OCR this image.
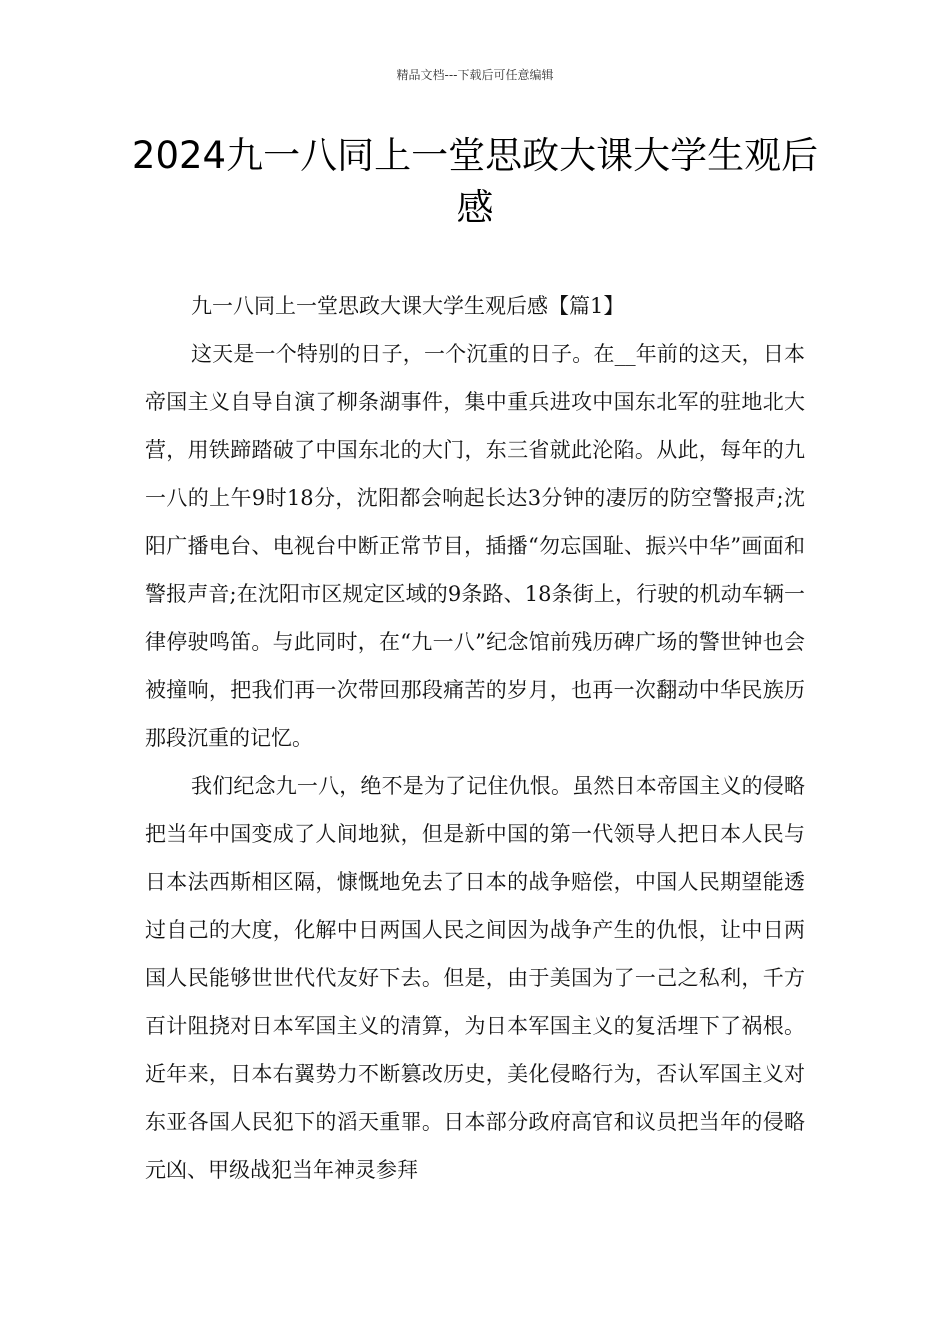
精品文档---下载后可任意编辑
2024九一八同上一堂思政大课大学生观后感

九一八同上一堂思政大课大学生观后感【篇1】

这天是一个特别的日子，一个沉重的日子。在__年前的这天，日本帝国主义自导自演了柳条湖事件，集中重兵进攻中国东北军的驻地北大营，用铁蹄踏破了中国东北的大门，东三省就此沦陷。从此，每年的九一八的上午9时18分，沈阳都会响起长达3分钟的凄厉的防空警报声;沈阳广播电台、电视台中断正常节目，插播“勿忘国耻、振兴中华”画面和警报声音;在沈阳市区规定区域的9条路、18条街上，行驶的机动车辆一律停驶鸣笛。与此同时，在“九一八”纪念馆前残历碑广场的警世钟也会被撞响，把我们再一次带回那段痛苦的岁月，也再一次翻动中华民族历那段沉重的记忆。

我们纪念九一八，绝不是为了记住仇恨。虽然日本帝国主义的侵略把当年中国变成了人间地狱，但是新中国的第一代领导人把日本人民与日本法西斯相区隔，慷慨地免去了日本的战争赔偿，中国人民期望能透过自己的大度，化解中日两国人民之间因为战争产生的仇恨，让中日两国人民能够世世代代友好下去。但是，由于美国为了一己之私利，千方百计阻挠对日本军国主义的清算，为日本军国主义的复活埋下了祸根。近年来，日本右翼势力不断篡改历史，美化侵略行为，否认军国主义对东亚各国人民犯下的滔天重罪。日本部分政府高官和议员把当年的侵略元凶、甲级战犯当年神灵参拜
